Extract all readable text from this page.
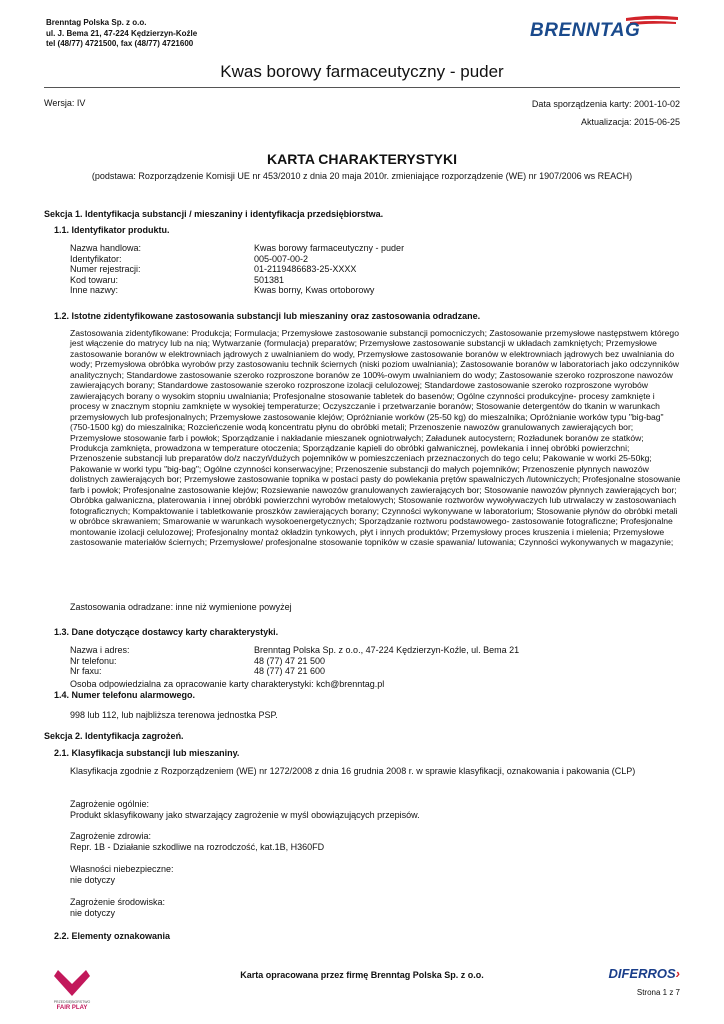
Brenntag Polska Sp. z o.o.
ul. J. Bema 21, 47-224 Kędzierzyn-Koźle
tel (48/77) 4721500, fax (48/77) 4721600
BRENNTAG
Kwas borowy farmaceutyczny - puder
Wersja: IV	Data sporządzenia karty: 2001-10-02
Aktualizacja: 2015-06-25
KARTA CHARAKTERYSTYKI
(podstawa: Rozporządzenie Komisji UE nr 453/2010 z dnia 20 maja 2010r. zmieniające rozporządzenie (WE) nr 1907/2006 ws REACH)
Sekcja 1. Identyfikacja substancji / mieszaniny i identyfikacja przedsiębiorstwa.
1.1. Identyfikator produktu.
Nazwa handlowa:	Kwas borowy farmaceutyczny - puder
Identyfikator:	005-007-00-2
Numer rejestracji:	01-2119486683-25-XXXX
Kod towaru:	501381
Inne nazwy:	Kwas borny, Kwas ortoborowy
1.2. Istotne zidentyfikowane zastosowania substancji lub mieszaniny oraz zastosowania odradzane.
Zastosowania zidentyfikowane: Produkcja; Formulacja; Przemysłowe zastosowanie substancji pomocniczych; Zastosowanie przemysłowe następstwem którego jest włączenie do matrycy lub na nią; Wytwarzanie (formulacja) preparatów; Przemysłowe zastosowanie substancji w układach zamkniętych; Przemysłowe zastosowanie boranów w elektrowniach jądrowych z uwalnianiem do wody, Przemysłowe zastosowanie boranów w elektrowniach jądrowych bez uwalniania do wody; Przemysłowa obróbka wyrobów przy zastosowaniu technik ściernych (niski poziom uwalniania); Zastosowanie boranów w laboratoriach jako odczynników analitycznych; Standardowe zastosowanie szeroko rozproszone boranów ze 100%-owym uwalnianiem do wody; Zastosowanie szeroko rozproszone nawozów zawierających borany; Standardowe zastosowanie szeroko rozproszone izolacji celulozowej; Standardowe zastosowanie szeroko rozproszone wyrobów zawierających borany o wysokim stopniu uwalniania; Profesjonalne stosowanie tabletek do basenów; Ogólne czynności produkcyjne- procesy zamknięte i procesy w znacznym stopniu zamknięte w wysokiej temperaturze; Oczyszczanie i przetwarzanie boranów; Stosowanie detergentów do tkanin w warunkach przemysłowych lub profesjonalnych; Przemysłowe zastosowanie klejów; Opróżnianie worków (25-50 kg) do mieszalnika; Opróżnianie worków typu "big-bag" (750-1500 kg) do mieszalnika; Rozcieńczenie wodą koncentratu płynu do obróbki metali; Przenoszenie nawozów granulowanych zawierających bor; Przemysłowe stosowanie farb i powłok; Sporządzanie i nakładanie mieszanek ogniotrwałych; Załadunek autocystern; Rozładunek boranów ze statków; Produkcja zamknięta, prowadzona w temperature otoczenia; Sporządzanie kąpieli do obróbki galwanicznej, powlekania i innej obróbki powierzchni; Przenoszenie substancji lub preparatów do/z naczyń/dużych pojemników w pomieszczeniach przeznaczonych do tego celu; Pakowanie w worki 25-50kg; Pakowanie w worki typu "big-bag"; Ogólne czynności konserwacyjne; Przenoszenie substancji do małych pojemników; Przenoszenie płynnych nawozów dolistnych zawierających bor; Przemysłowe zastosowanie topnika w postaci pasty do powlekania prętów spawalniczych /lutowniczych; Profesjonalne stosowanie farb i powłok; Profesjonalne zastosowanie klejów; Rozsiewanie nawozów granulowanych zawierających bor; Stosowanie nawozów płynnych zawierających bor; Obróbka galwaniczna, platerowania i innej obróbki powierzchni wyrobów metalowych; Stosowanie roztworów wywoływaczych lub utrwalaczy w zastosowaniach fotograficznych; Kompaktowanie i tabletkowanie proszków zawierających borany; Czynności wykonywane w laboratorium; Stosowanie płynów do obróbki metali w obróbce skrawaniem; Smarowanie w warunkach wysokoenergetycznych; Sporządzanie roztworu podstawowego- zastosowanie fotograficzne; Profesjonalne montowanie izolacji celulozowej; Profesjonalny montaż okładzin tynkowych, płyt i innych produktów; Przemysłowy proces kruszenia i mielenia; Przemysłowe zastosowanie materiałów ściernych; Przemysłowe/ profesjonalne stosowanie topników w czasie spawania/ lutowania; Czynności wykonywanych w magazynie;
Zastosowania odradzane: inne niż wymienione powyżej
1.3. Dane dotyczące dostawcy karty charakterystyki.
Nazwa i adres:	Brenntag Polska Sp. z o.o., 47-224 Kędzierzyn-Koźle, ul. Bema 21
Nr telefonu:	48 (77) 47 21 500
Nr faxu:	48 (77) 47 21 600
Osoba odpowiedzialna za opracowanie karty charakterystyki: kch@brenntag.pl
1.4. Numer telefonu alarmowego.
998 lub 112, lub najbliższa terenowa jednostka PSP.
Sekcja 2. Identyfikacja zagrożeń.
2.1. Klasyfikacja substancji lub mieszaniny.
Klasyfikacja zgodnie z Rozporządzeniem (WE) nr 1272/2008 z dnia 16 grudnia 2008 r. w sprawie klasyfikacji, oznakowania i pakowania (CLP)
Zagrożenie ogólnie:
Produkt sklasyfikowany jako stwarzający zagrożenie w myśl obowiązujących przepisów.
Zagrożenie zdrowia:
Repr. 1B - Działanie szkodliwe na rozrodczość, kat.1B, H360FD
Własności niebezpieczne:
nie dotyczy
Zagrożenie środowiska:
nie dotyczy
2.2. Elementy oznakowania
PRZEDSIĘBIORSTWO
FAIR PLAY
Karta opracowana przez firmę Brenntag Polska Sp. z o.o.	DIFERROS›
Strona 1 z 7
